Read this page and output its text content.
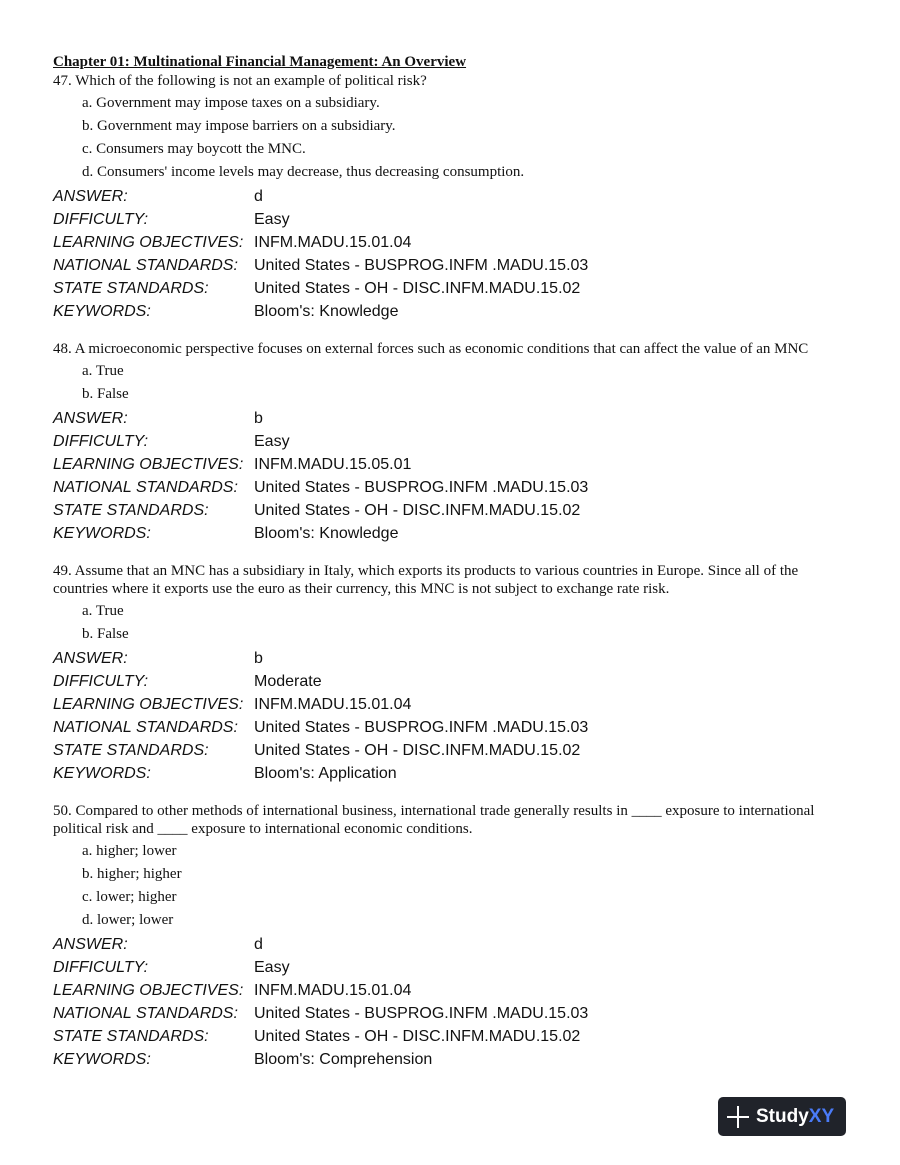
Chapter 01: Multinational Financial Management: An Overview
47. Which of the following is not an example of political risk?
a. Government may impose taxes on a subsidiary.
b. Government may impose barriers on a subsidiary.
c. Consumers may boycott the MNC.
d. Consumers' income levels may decrease, thus decreasing consumption.
ANSWER:	d
DIFFICULTY:	Easy
LEARNING OBJECTIVES: INFM.MADU.15.01.04
NATIONAL STANDARDS:	United States - BUSPROG.INFM .MADU.15.03
STATE STANDARDS:	United States - OH - DISC.INFM.MADU.15.02
KEYWORDS:	Bloom's: Knowledge
48. A microeconomic perspective focuses on external forces such as economic conditions that can affect the value of an MNC
a. True
b. False
ANSWER:	b
DIFFICULTY:	Easy
LEARNING OBJECTIVES: INFM.MADU.15.05.01
NATIONAL STANDARDS:	United States - BUSPROG.INFM .MADU.15.03
STATE STANDARDS:	United States - OH - DISC.INFM.MADU.15.02
KEYWORDS:	Bloom's: Knowledge
49. Assume that an MNC has a subsidiary in Italy, which exports its products to various countries in Europe. Since all of the countries where it exports use the euro as their currency, this MNC is not subject to exchange rate risk.
a. True
b. False
ANSWER:	b
DIFFICULTY:	Moderate
LEARNING OBJECTIVES: INFM.MADU.15.01.04
NATIONAL STANDARDS:	United States - BUSPROG.INFM .MADU.15.03
STATE STANDARDS:	United States - OH - DISC.INFM.MADU.15.02
KEYWORDS:	Bloom's: Application
50. Compared to other methods of international business, international trade generally results in ____ exposure to international political risk and ____ exposure to international economic conditions.
a. higher; lower
b. higher; higher
c. lower; higher
d. lower; lower
ANSWER:	d
DIFFICULTY:	Easy
LEARNING OBJECTIVES: INFM.MADU.15.01.04
NATIONAL STANDARDS:	United States - BUSPROG.INFM .MADU.15.03
STATE STANDARDS:	United States - OH - DISC.INFM.MADU.15.02
KEYWORDS:	Bloom's: Comprehension
StudyXY
